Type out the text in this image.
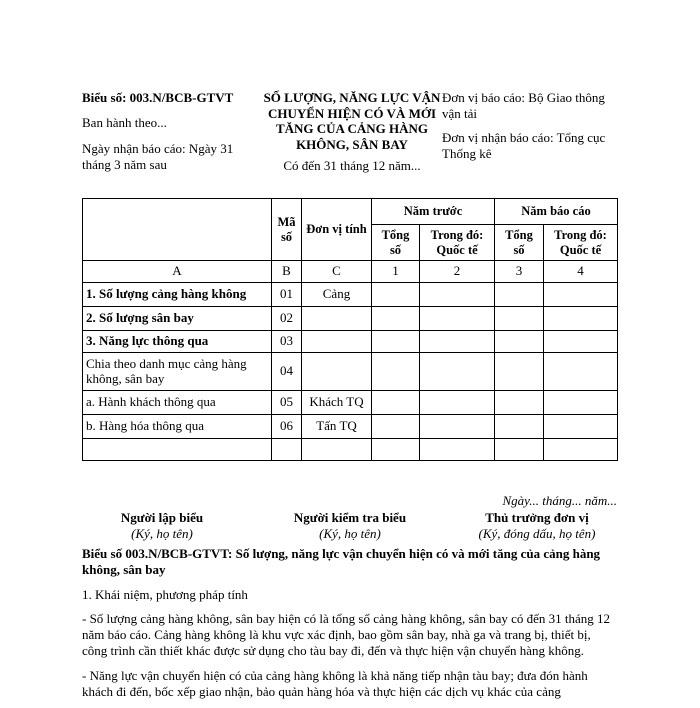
Biểu số: 003.N/BCB-GTVT
Ban hành theo...
Ngày nhận báo cáo: Ngày 31 tháng 3 năm sau
SỐ LƯỢNG, NĂNG LỰC VẬN CHUYỂN HIỆN CÓ VÀ MỚI TĂNG CỦA CẢNG HÀNG KHÔNG, SÂN BAY
Có đến 31 tháng 12 năm...
Đơn vị báo cáo: Bộ Giao thông vận tải
Đơn vị nhận báo cáo: Tổng cục Thống kê
	Mã số	Đơn vị tính	Năm trước		Năm báo cáo	
			Tổng số	Trong đó: Quốc tế	Tổng số	Trong đó: Quốc tế
A	B	C	1	2	3	4
1. Số lượng cảng hàng không	01	Cảng				
2. Số lượng sân bay	02					
3. Năng lực thông qua	03					
Chia theo danh mục cảng hàng không, sân bay	04					
a. Hành khách thông qua	05	Khách TQ				
b. Hàng hóa thông qua	06	Tấn TQ				

Ngày... tháng... năm...
Người lập biểu
(Ký, họ tên)
Người kiểm tra biểu
(Ký, họ tên)
Thủ trưởng đơn vị
(Ký, đóng dấu, họ tên)

Biểu số 003.N/BCB-GTVT: Số lượng, năng lực vận chuyển hiện có và mới tăng của cảng hàng không, sân bay

1. Khái niệm, phương pháp tính

- Số lượng cảng hàng không, sân bay hiện có là tổng số cảng hàng không, sân bay có đến 31 tháng 12 năm báo cáo. Cảng hàng không là khu vực xác định, bao gồm sân bay, nhà ga và trang bị, thiết bị, công trình cần thiết khác được sử dụng cho tàu bay đi, đến và thực hiện vận chuyển hàng không.

- Năng lực vận chuyển hiện có của cảng hàng không là khả năng tiếp nhận tàu bay; đưa đón hành khách đi đến, bốc xếp giao nhận, bảo quản hàng hóa và thực hiện các dịch vụ khác của cảng
